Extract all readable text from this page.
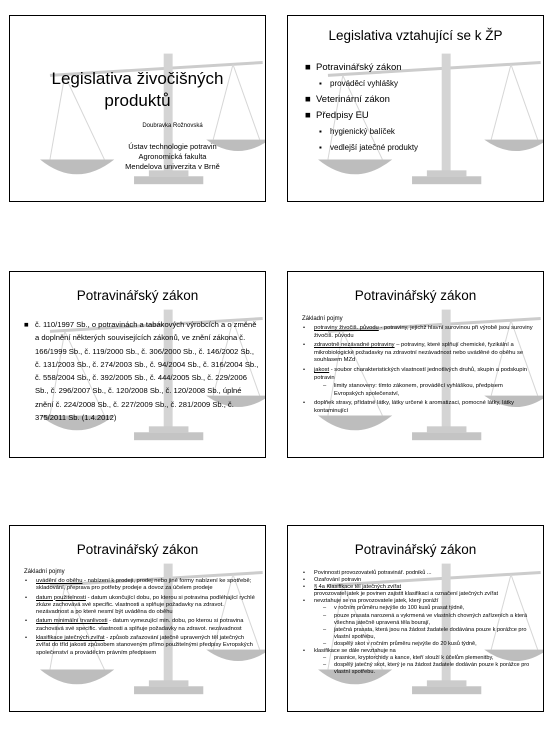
Legislativa živočišných produktů
Doubravka Rožnovská
Ústav technologie potravin
Agronomická fakulta
Mendelova univerzita v Brně
Legislativa vztahující se k ŽP
■ Potravinářský zákon
▪ prováděcí vyhlášky
■ Veterinární zákon
■ Předpisy EU
▪ hygienický balíček
▪ vedlejší jatečné produkty
Potravinářský zákon
■ č. 110/1997 Sb., o potravinách a tabákových výrobcích a o změně a doplnění některých souvisejících zákonů, ve znění zákona č. 166/1999 Sb., č. 119/2000 Sb., č. 306/2000 Sb., č. 146/2002 Sb., č. 131/2003 Sb., č. 274/2003 Sb., č. 94/2004 Sb., č. 316/2004 Sb., č. 558/2004 Sb., č. 392/2005 Sb., č. 444/2005 Sb., č. 229/2006 Sb., č. 296/2007 Sb., č. 120/2008 Sb., č. 120/2008 Sb., úplné znění č. 224/2008 Sb., č. 227/2009 Sb., č. 281/2009 Sb., č. 375/2011 Sb. (1.4.2012)
Potravinářský zákon
Základní pojmy
• potraviny živočiš. původu - potraviny, jejichž hlavní surovinou při výrobě jsou suroviny živočiš. původu
• zdravotně nezávadné potraviny – potraviny, které splňují chemické, fyzikální a mikrobiologické požadavky na zdravotní nezávadnost nebo uváděné do oběhu se souhlasem MZd
• jakost - soubor charakteristických vlastností jednotlivých druhů, skupin a podskupin potravin
– limity stanoveny: tímto zákonem, prováděcí vyhláškou, předpisem Evropských společenství,
• doplňek stravy, přídatné látky, látky určené k aromatizaci, pomocné látky, látky kontaminující
Potravinářský zákon
Základní pojmy
• uvádění do oběhu - nabízení k prodeji, prodej nebo jiné formy nabízení ke spotřebě; skladování, přeprava pro potřeby prodeje a dovoz za účelem prodeje
• datum použitelnosti - datum ukončující dobu, po kterou si potravina podléhající rychlé zkáze zachovává své specific. vlastnosti a splňuje požadavky na zdravot. nezávadnost a po které nesmí být uváděna do oběhu
• datum minimální trvanlivosti - datum vymezující min. dobu, po kterou si potravina zachovává své specific. vlastnosti a splňuje požadavky na zdravot. nezávadnost
• klasifikace jatečných zvířat - způsob zařazování jatečně upravených těl jatečných zvířat do tříd jakosti způsobem stanoveným přímo použitelnými předpisy Evropských společenství a prováděcím právním předpisem
Potravinářský zákon
• Povinnosti provozovatelů potravinář. podniků ...
• Ozařování potravin
• § 4a Klasifikace těl jatečných zvířat
provozovatel jatek je povinen zajistit klasifikaci a označení jatečných zvířat
• nevztahuje se na provozovatele jatek, který poráží
– v ročním průměru nejvýše do 100 kusů prasat týdně,
– pouze prasata narozená a vykrmená ve vlastních chovných zařízeních a která všechna jatečně upravená těla bourají,
– jatečná prasata, která jsou na žádost žadatele dodávána pouze k porážce pro vlastní spotřebu,
– dospělý skot v ročním průměru nejvýše do 20 kusů týdně,
• klasifikace se dále nevztahuje na
– prasnice, kryptorchidy a kance, kteří slouží k účelům plemenitby,
– dospělý jatečný skot, který je na žádost žadatele dodáván pouze k porážce pro vlastní spotřebu.
